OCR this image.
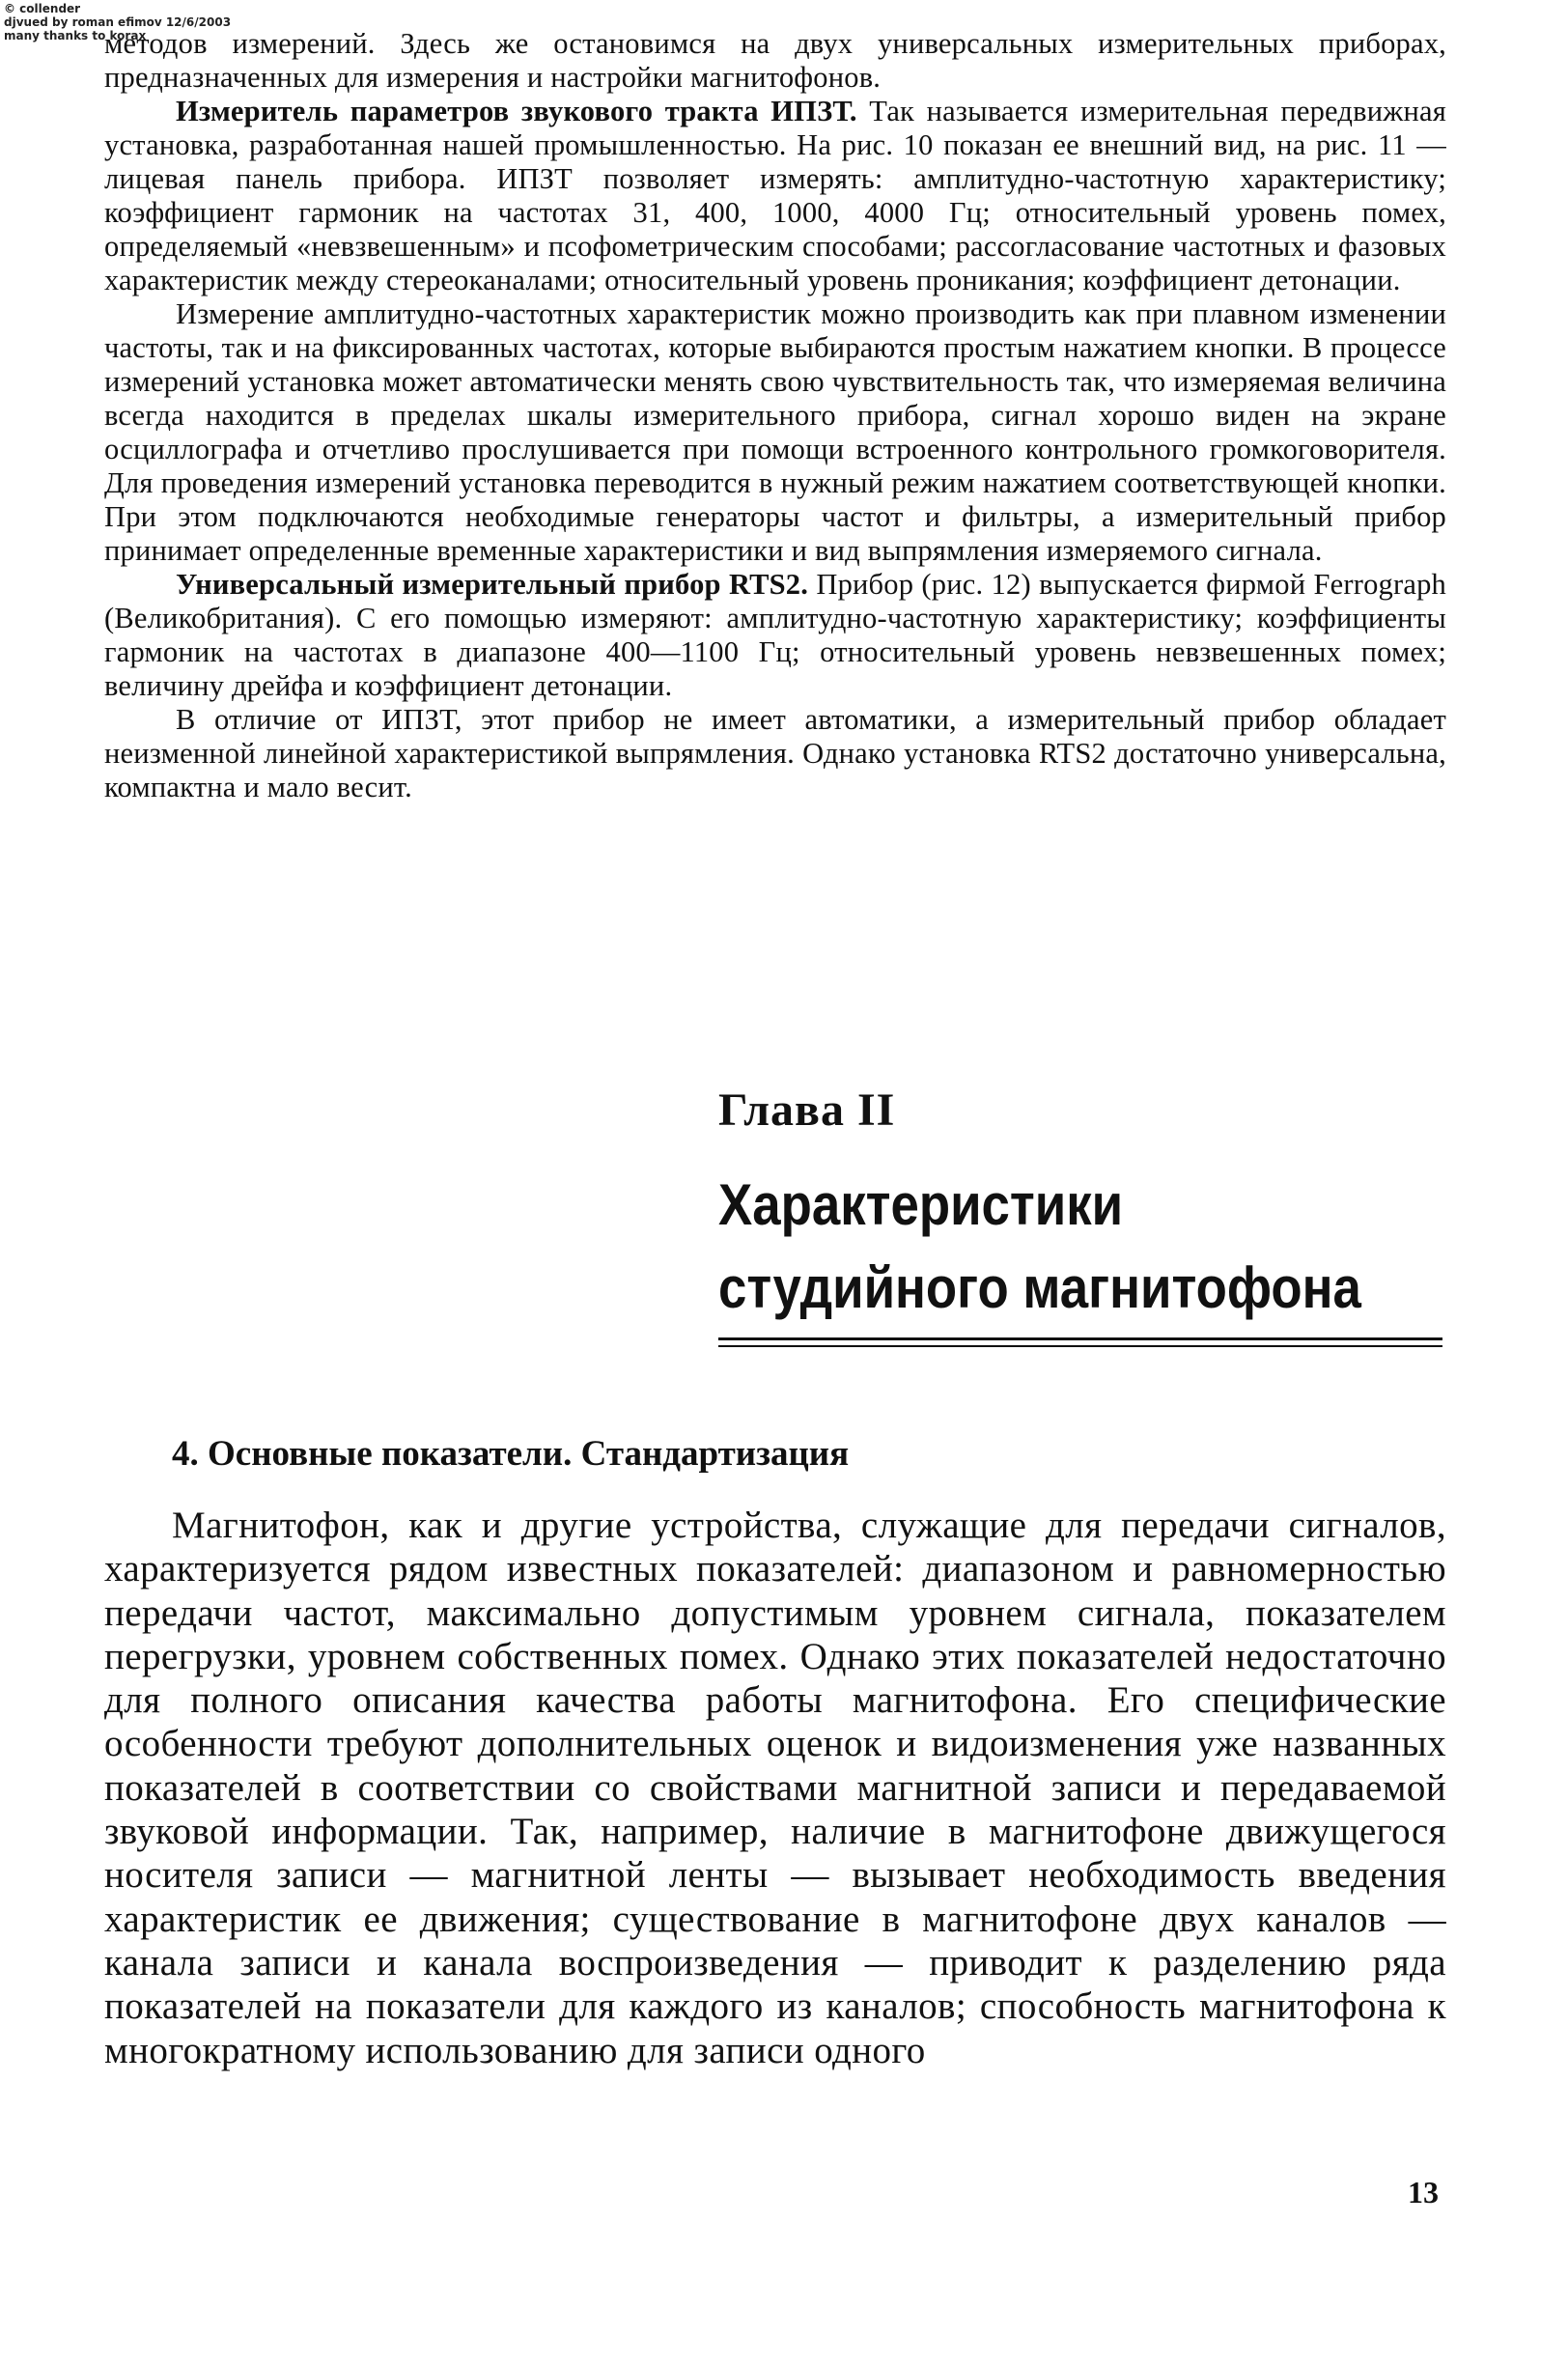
© collender
djvued by roman efimov 12/6/2003
many thanks to korax

методов измерений. Здесь же остановимся на двух универсальных измерительных приборах, предназначенных для измерения и настройки магнитофонов.

Измеритель параметров звукового тракта ИПЗТ. Так называется измерительная передвижная установка, разработанная нашей промышленностью. На рис. 10 показан ее внешний вид, на рис. 11 — лицевая панель прибора. ИПЗТ позволяет измерять: амплитудно-частотную характеристику; коэффициент гармоник на частотах 31, 400, 1000, 4000 Гц; относительный уровень помех, определяемый «невзвешенным» и псофометрическим способами; рассогласование частотных и фазовых характеристик между стереоканалами; относительный уровень проникания; коэффициент детонации.

Измерение амплитудно-частотных характеристик можно производить как при плавном изменении частоты, так и на фиксированных частотах, которые выбираются простым нажатием кнопки. В процессе измерений установка может автоматически менять свою чувствительность так, что измеряемая величина всегда находится в пределах шкалы измерительного прибора, сигнал хорошо виден на экране осциллографа и отчетливо прослушивается при помощи встроенного контрольного громкоговорителя. Для проведения измерений установка переводится в нужный режим нажатием соответствующей кнопки. При этом подключаются необходимые генераторы частот и фильтры, а измерительный прибор принимает определенные временные характеристики и вид выпрямления измеряемого сигнала.

Универсальный измерительный прибор RTS2. Прибор (рис. 12) выпускается фирмой Ferrograph (Великобритания). С его помощью измеряют: амплитудно-частотную характеристику; коэффициенты гармоник на частотах в диапазоне 400—1100 Гц; относительный уровень невзвешенных помех; величину дрейфа и коэффициент детонации.

В отличие от ИПЗТ, этот прибор не имеет автоматики, а измерительный прибор обладает неизменной линейной характеристикой выпрямления. Однако установка RTS2 достаточно универсальна, компактна и мало весит.

Глава II
Характеристики
студийного магнитофона
4. Основные показатели. Стандартизация

Магнитофон, как и другие устройства, служащие для передачи сигналов, характеризуется рядом известных показателей: диапазоном и равномерностью передачи частот, максимально допустимым уровнем сигнала, показателем перегрузки, уровнем собственных помех. Однако этих показателей недостаточно для полного описания качества работы магнитофона. Его специфические особенности требуют дополнительных оценок и видоизменения уже названных показателей в соответствии со свойствами магнитной записи и передаваемой звуковой информации. Так, например, наличие в магнитофоне движущегося носителя записи — магнитной ленты — вызывает необходимость введения характеристик ее движения; существование в магнитофоне двух каналов — канала записи и канала воспроизведения — приводит к разделению ряда показателей на показатели для каждого из каналов; способность магнитофона к многократному использованию для записи одного

13
